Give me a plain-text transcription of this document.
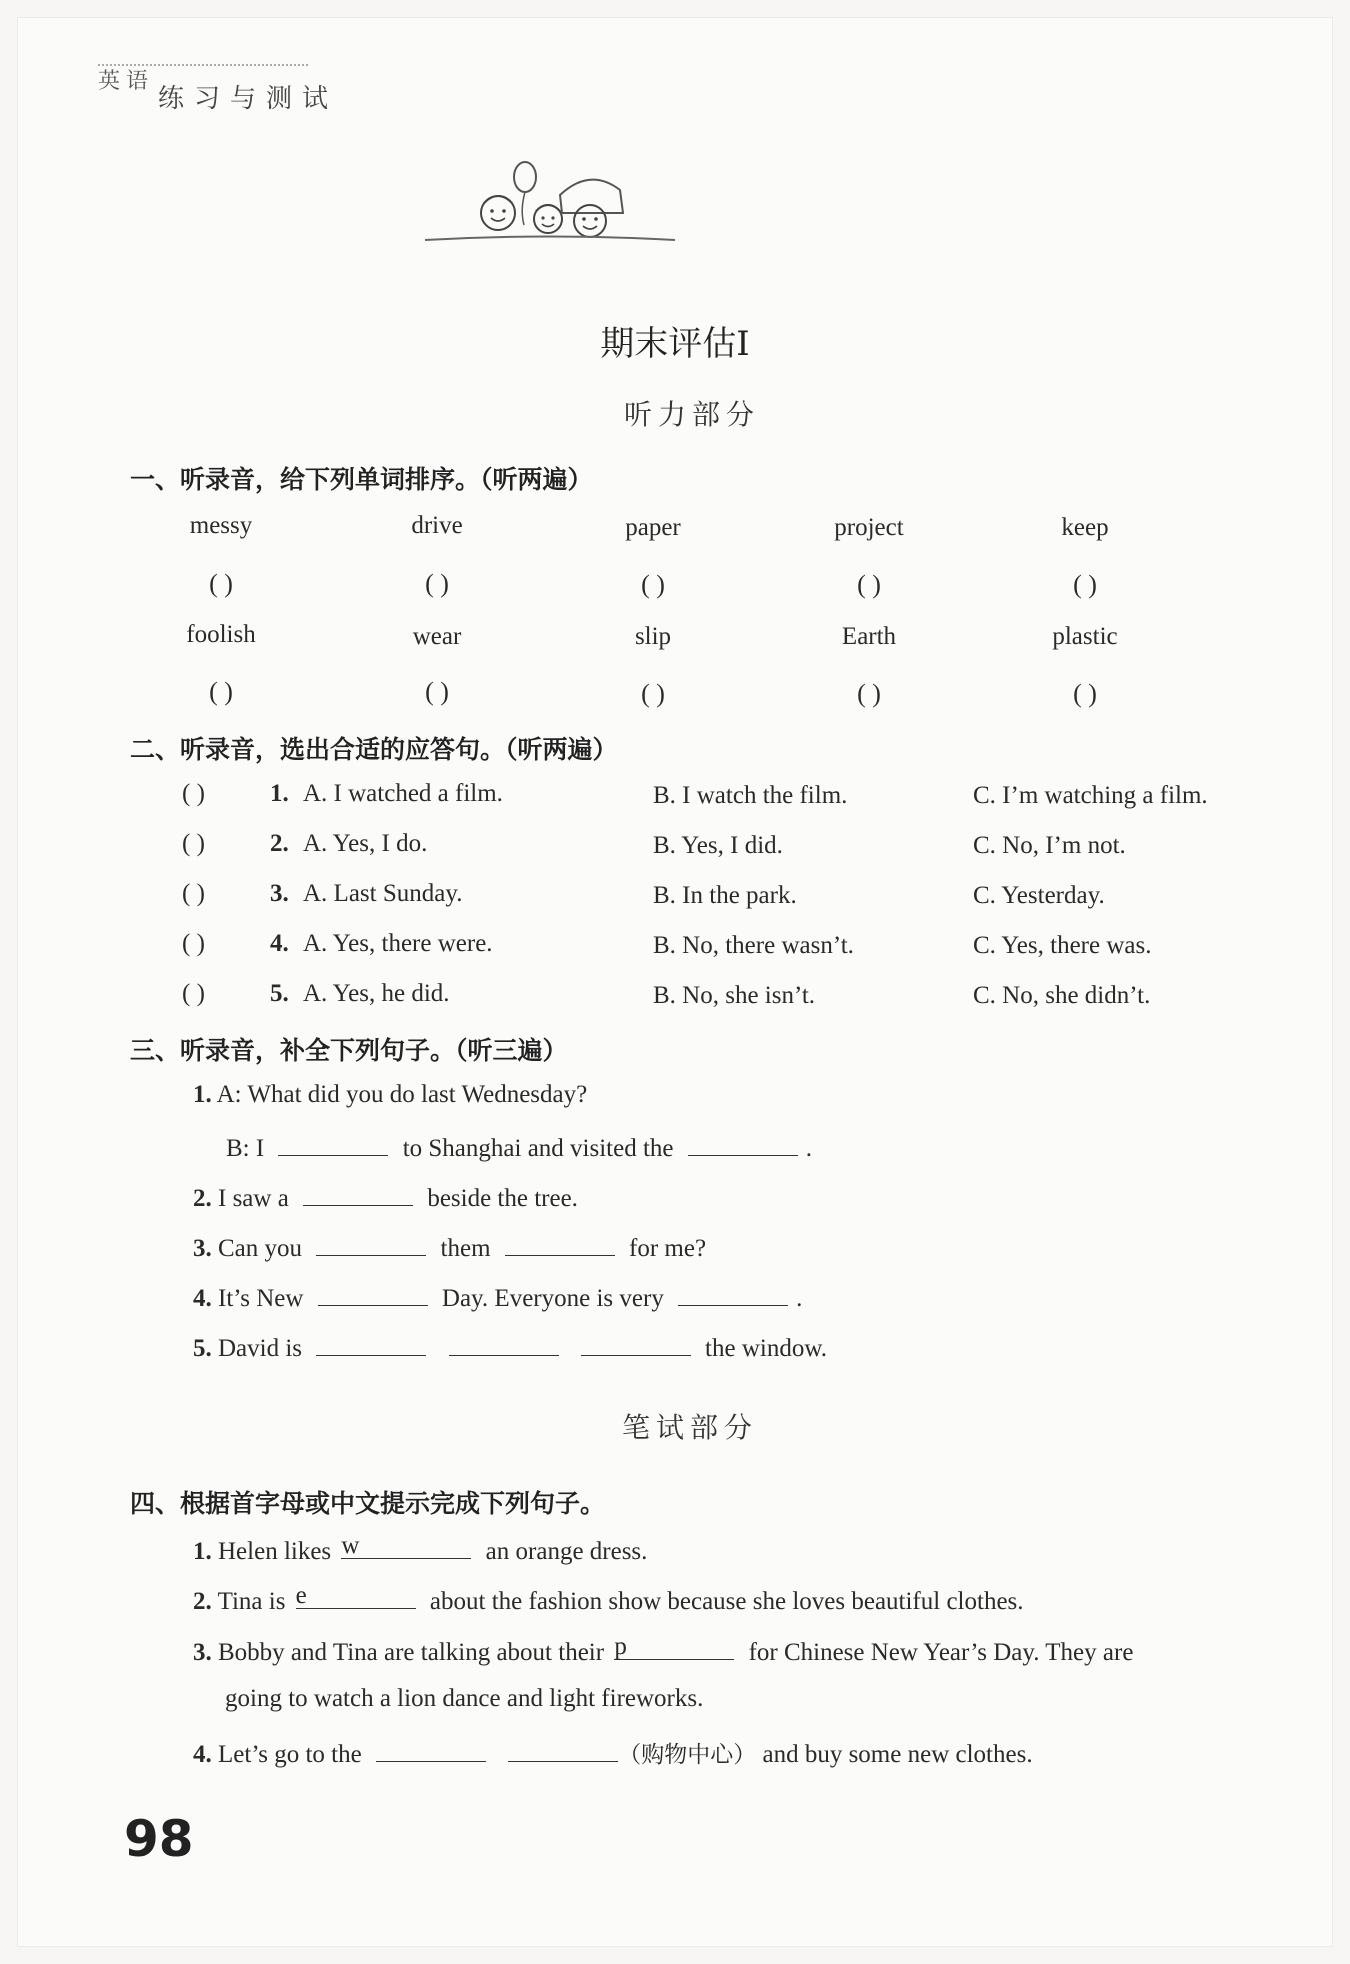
英语
练习与测试
期末评估Ⅰ
听力部分
一、听录音，给下列单词排序。（听两遍）
messy	drive	paper	project	keep
( )	( )	( )	( )	( )
foolish	wear	slip	Earth	plastic
( )	( )	( )	( )	( )
二、听录音，选出合适的应答句。（听两遍）
( )	1. A. I watched a film.	B. I watch the film.	C. I’m watching a film.
( )	2. A. Yes, I do.	B. Yes, I did.	C. No, I’m not.
( )	3. A. Last Sunday.	B. In the park.	C. Yesterday.
( )	4. A. Yes, there were.	B. No, there wasn’t.	C. Yes, there was.
( )	5. A. Yes, he did.	B. No, she isn’t.	C. No, she didn’t.
三、听录音，补全下列句子。（听三遍）
1. A: What did you do last Wednesday?
B: I	to Shanghai and visited the	.
2. I saw a	beside the tree.
3. Can you	them	for me?
4. It’s New	Day. Everyone is very	.
5. David is	the window.
笔试部分
四、根据首字母或中文提示完成下列句子。
1. Helen likes w	an orange dress.
2. Tina is e	about the fashion show because she loves beautiful clothes.
3. Bobby and Tina are talking about their p	for Chinese New Year’s Day. They are
going to watch a lion dance and light fireworks.
4. Let’s go to the	（购物中心） and buy some new clothes.
98
